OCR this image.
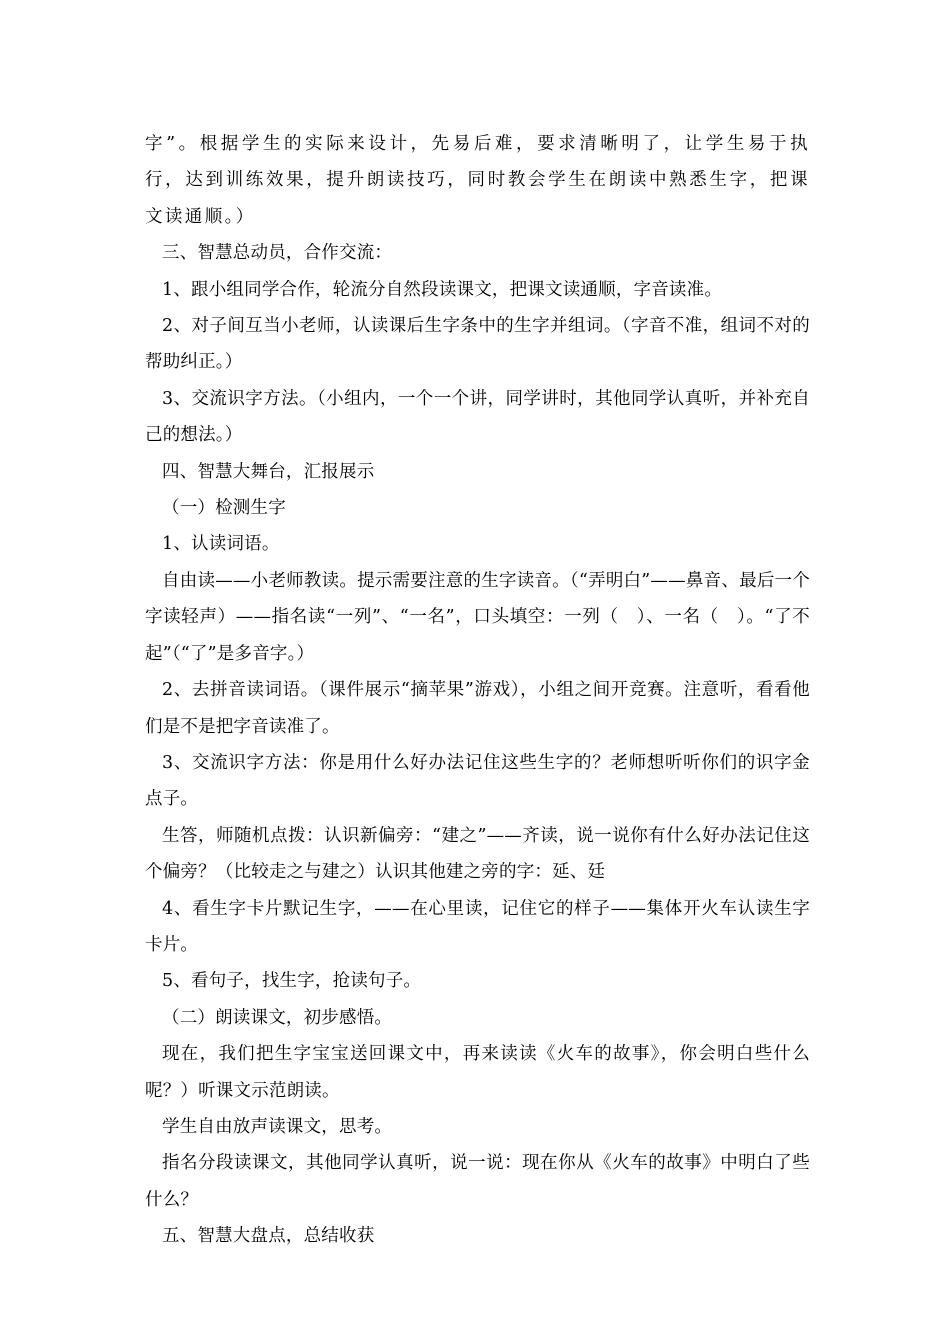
字”。根据学生的实际来设计，先易后难，要求清晰明了，让学生易于执行，达到训练效果，提升朗读技巧，同时教会学生在朗读中熟悉生字，把课文读通顺。）

三、智慧总动员，合作交流：

1、跟小组同学合作，轮流分自然段读课文，把课文读通顺，字音读准。

2、对子间互当小老师，认读课后生字条中的生字并组词。（字音不准，组词不对的帮助纠正。）

3、交流识字方法。（小组内，一个一个讲，同学讲时，其他同学认真听，并补充自己的想法。）

四、智慧大舞台，汇报展示

（一）检测生字

1、认读词语。

自由读——小老师教读。提示需要注意的生字读音。（“弄明白”——鼻音、最后一个字读轻声）——指名读“一列”、“一名”，口头填空：一列（　）、一名（　）。“了不起”（“了”是多音字。）

2、去拼音读词语。（课件展示“摘苹果”游戏），小组之间开竞赛。注意听，看看他们是不是把字音读准了。

3、交流识字方法：你是用什么好办法记住这些生字的？老师想听听你们的识字金点子。

生答，师随机点拨：认识新偏旁：“建之”——齐读，说一说你有什么好办法记住这个偏旁？（比较走之与建之）认识其他建之旁的字：延、廷

4、看生字卡片默记生字，——在心里读，记住它的样子——集体开火车认读生字卡片。

5、看句子，找生字，抢读句子。

（二）朗读课文，初步感悟。

现在，我们把生字宝宝送回课文中，再来读读《火车的故事》，你会明白些什么呢？）听课文示范朗读。

学生自由放声读课文，思考。

指名分段读课文，其他同学认真听，说一说：现在你从《火车的故事》中明白了些什么？

五、智慧大盘点，总结收获
